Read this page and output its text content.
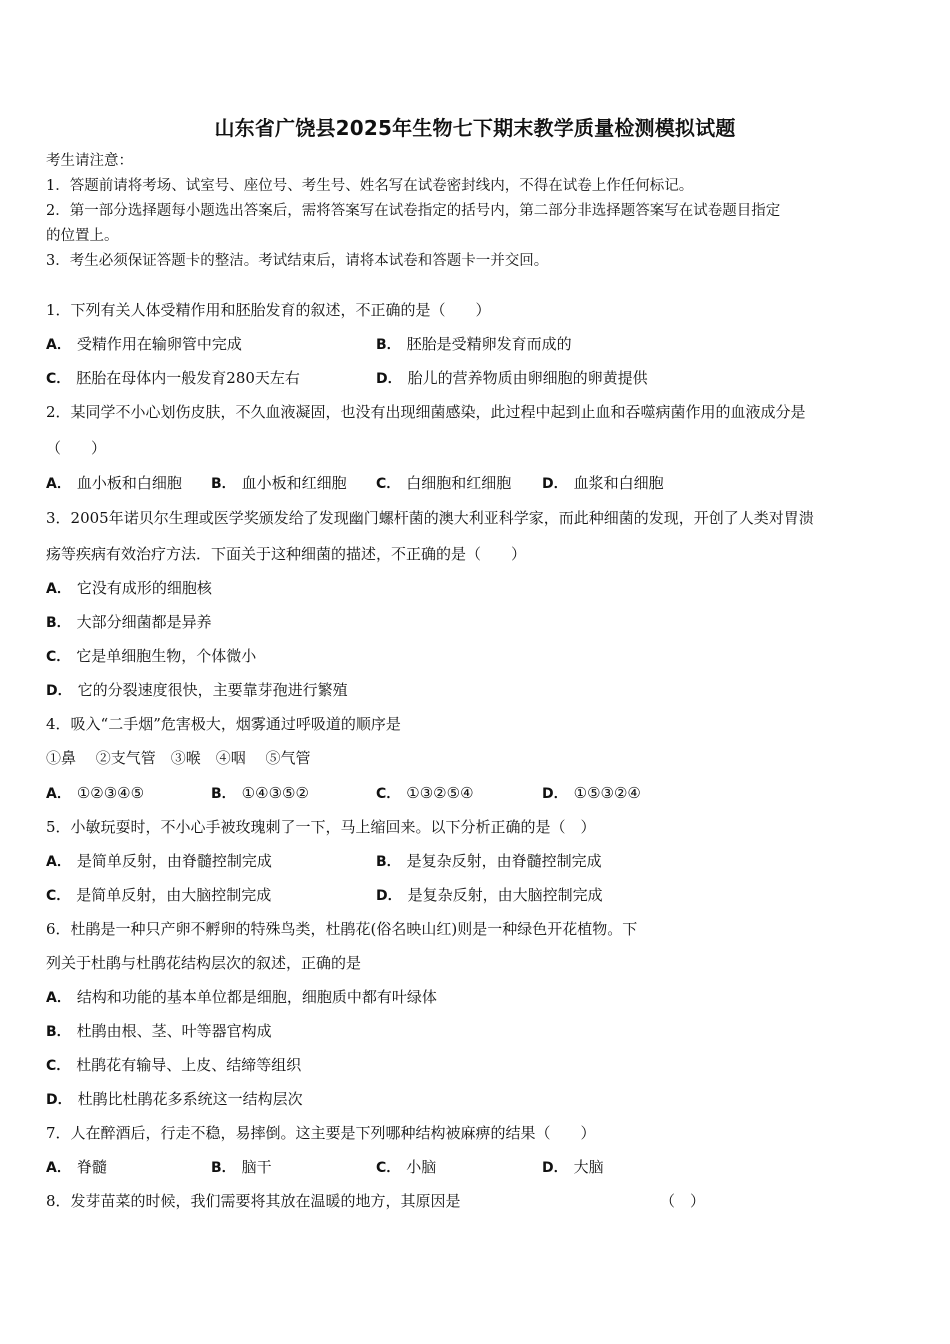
山东省广饶县2025年生物七下期末教学质量检测模拟试题
考生请注意：
1．答题前请将考场、试室号、座位号、考生号、姓名写在试卷密封线内，不得在试卷上作任何标记。
2．第一部分选择题每小题选出答案后，需将答案写在试卷指定的括号内，第二部分非选择题答案写在试卷题目指定
的位置上。
3．考生必须保证答题卡的整洁。考试结束后，请将本试卷和答题卡一并交回。
1．下列有关人体受精作用和胚胎发育的叙述，不正确的是（　　）
A． 受精作用在输卵管中完成	B． 胚胎是受精卵发育而成的
C． 胚胎在母体内一般发育280天左右	D． 胎儿的营养物质由卵细胞的卵黄提供
2．某同学不小心划伤皮肤，不久血液凝固，也没有出现细菌感染，此过程中起到止血和吞噬病菌作用的血液成分是
（　　）
A． 血小板和白细胞 B． 血小板和红细胞 C． 白细胞和红细胞 D． 血浆和白细胞
3．2005年诺贝尔生理或医学奖颁发给了发现幽门螺杆菌的澳大利亚科学家，而此种细菌的发现，开创了人类对胃溃
疡等疾病有效治疗方法．下面关于这种细菌的描述，不正确的是（　　）
A． 它没有成形的细胞核
B． 大部分细菌都是异养
C． 它是单细胞生物，个体微小
D． 它的分裂速度很快，主要靠芽孢进行繁殖
4．吸入“二手烟”危害极大，烟雾通过呼吸道的顺序是
①鼻　 ②支气管　③喉　④咽　 ⑤气管
A． ①②③④⑤	B． ①④③⑤②	C． ①③②⑤④	D． ①⑤③②④
5．小敏玩耍时，不小心手被玫瑰刺了一下，马上缩回来。以下分析正确的是（　）
A． 是简单反射，由脊髓控制完成	B． 是复杂反射，由脊髓控制完成
C． 是简单反射，由大脑控制完成	D． 是复杂反射，由大脑控制完成
6．杜鹃是一种只产卵不孵卵的特殊鸟类，杜鹃花(俗名映山红)则是一种绿色开花植物。下
列关于杜鹃与杜鹃花结构层次的叙述，正确的是
A． 结构和功能的基本单位都是细胞，细胞质中都有叶绿体
B． 杜鹃由根、茎、叶等器官构成
C． 杜鹃花有输导、上皮、结缔等组织
D． 杜鹃比杜鹃花多系统这一结构层次
7．人在醉酒后，行走不稳，易摔倒。这主要是下列哪种结构被麻痹的结果（　　）
A． 脊髓	B． 脑干	C． 小脑	D． 大脑
8．发芽苗菜的时候，我们需要将其放在温暖的地方，其原因是	（　）
